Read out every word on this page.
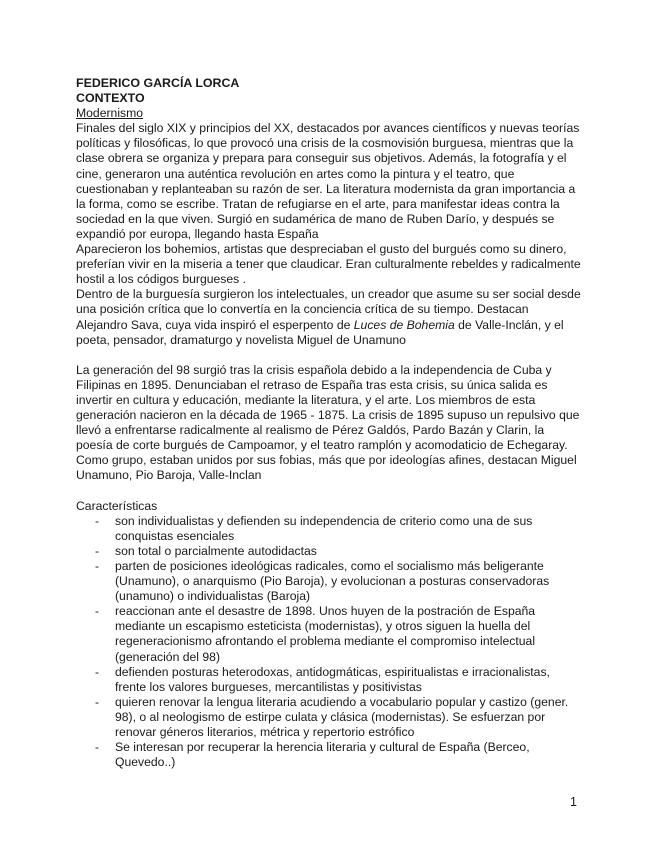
FEDERICO GARCÍA LORCA

CONTEXTO

Modernismo

Finales del siglo XIX y principios del XX, destacados por avances científicos y nuevas teorías políticas y filosóficas, lo que provocó una crisis de la cosmovisión burguesa, mientras que la clase obrera se organiza y prepara para conseguir sus objetivos. Además, la fotografía y el cine, generaron una auténtica revolución en artes como la pintura y el teatro, que cuestionaban y replanteaban su razón de ser. La literatura modernista da gran importancia a la forma, como se escribe. Tratan de refugiarse en el arte, para manifestar ideas contra la sociedad en la que viven. Surgió en sudamérica de mano de Ruben Darío, y después se expandió por europa, llegando hasta España

Aparecieron los bohemios, artistas que despreciaban el gusto del burgués como su dinero, preferían vivir en la miseria a tener que claudicar. Eran culturalmente rebeldes y radicalmente hostil a los códigos burgueses .

Dentro de la burguesía surgieron los intelectuales, un creador que asume su ser social desde una posición crítica que lo convertía en la conciencia crítica de su tiempo. Destacan Alejandro Sava, cuya vida inspiró el esperpento de Luces de Bohemia de Valle-Inclán, y el poeta, pensador, dramaturgo y novelista Miguel de Unamuno

La generación del 98 surgió tras la crisis española debido a la independencia de Cuba y Filipinas en 1895. Denunciaban el retraso de España tras esta crisis, su única salida es invertir en cultura y educación, mediante la literatura, y el arte. Los miembros de esta generación nacieron en la década de 1965 - 1875. La crisis de 1895 supuso un repulsivo que llevó a enfrentarse radicalmente al realismo de Pérez Galdós, Pardo Bazán y Clarin, la poesía de corte burgués de Campoamor, y el teatro ramplón y acomodaticio de Echegaray. Como grupo, estaban unidos por sus fobias, más que por ideologías afines, destacan Miguel Unamuno, Pio Baroja, Valle-Inclan

Características

- son individualistas y defienden su independencia de criterio como una de sus conquistas esenciales
- son total o parcialmente autodidactas
- parten de posiciones ideológicas radicales, como el socialismo más beligerante (Unamuno), o anarquismo (Pio Baroja), y evolucionan a posturas conservadoras (unamuno) o individualistas (Baroja)
- reaccionan ante el desastre de 1898. Unos huyen de la postración de España mediante un escapismo esteticista (modernistas), y otros siguen la huella del regeneracionismo afrontando el problema mediante el compromiso intelectual (generación del 98)
- defienden posturas heterodoxas, antidogmáticas, espiritualistas e irracionalistas, frente los valores burgueses, mercantilistas y positivistas
- quieren renovar la lengua literaria acudiendo a vocabulario popular y castizo (gener. 98), o al neologismo de estirpe culata y clásica (modernistas). Se esfuerzan por renovar géneros literarios, métrica y repertorio estrófico
- Se interesan por recuperar la herencia literaria y cultural de España (Berceo, Quevedo..)
1
